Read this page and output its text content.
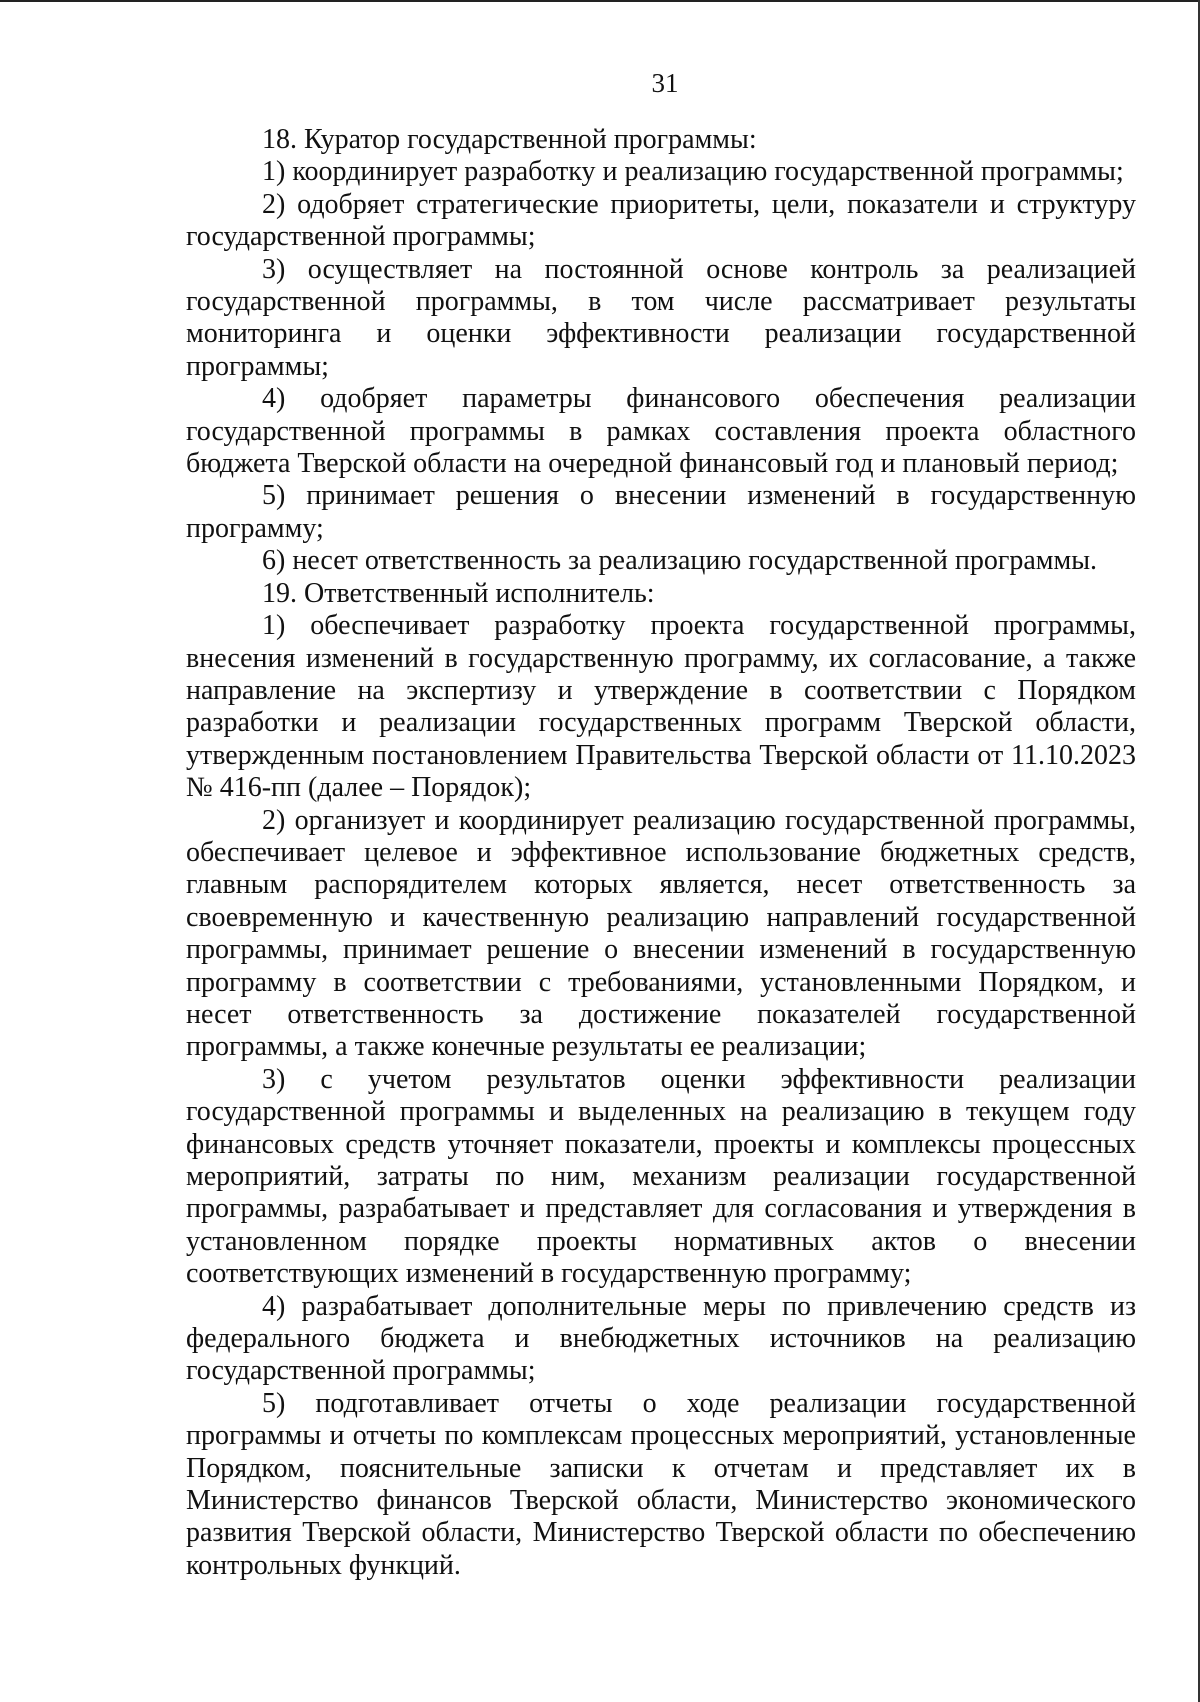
31

18. Куратор государственной программы:

1) координирует разработку и реализацию государственной программы;

2) одобряет стратегические приоритеты, цели, показатели и структуру государственной программы;

3) осуществляет на постоянной основе контроль за реализацией государственной программы, в том числе рассматривает результаты мониторинга и оценки эффективности реализации государственной программы;

4) одобряет параметры финансового обеспечения реализации государственной программы в рамках составления проекта областного бюджета Тверской области на очередной финансовый год и плановый период;

5) принимает решения о внесении изменений в государственную программу;

6) несет ответственность за реализацию государственной программы.

19. Ответственный исполнитель:

1) обеспечивает разработку проекта государственной программы, внесения изменений в государственную программу, их согласование, а также направление на экспертизу и утверждение в соответствии с Порядком разработки и реализации государственных программ Тверской области, утвержденным постановлением Правительства Тверской области от 11.10.2023 № 416-пп (далее – Порядок);

2) организует и координирует реализацию государственной программы, обеспечивает целевое и эффективное использование бюджетных средств, главным распорядителем которых является, несет ответственность за своевременную и качественную реализацию направлений государственной программы, принимает решение о внесении изменений в государственную программу в соответствии с требованиями, установленными Порядком, и несет ответственность за достижение показателей государственной программы, а также конечные результаты ее реализации;

3) с учетом результатов оценки эффективности реализации государственной программы и выделенных на реализацию в текущем году финансовых средств уточняет показатели, проекты и комплексы процессных мероприятий, затраты по ним, механизм реализации государственной программы, разрабатывает и представляет для согласования и утверждения в установленном порядке проекты нормативных актов о внесении соответствующих изменений в государственную программу;

4) разрабатывает дополнительные меры по привлечению средств из федерального бюджета и внебюджетных источников на реализацию государственной программы;

5) подготавливает отчеты о ходе реализации государственной программы и отчеты по комплексам процессных мероприятий, установленные Порядком, пояснительные записки к отчетам и представляет их в Министерство финансов Тверской области, Министерство экономического развития Тверской области, Министерство Тверской области по обеспечению контрольных функций.
